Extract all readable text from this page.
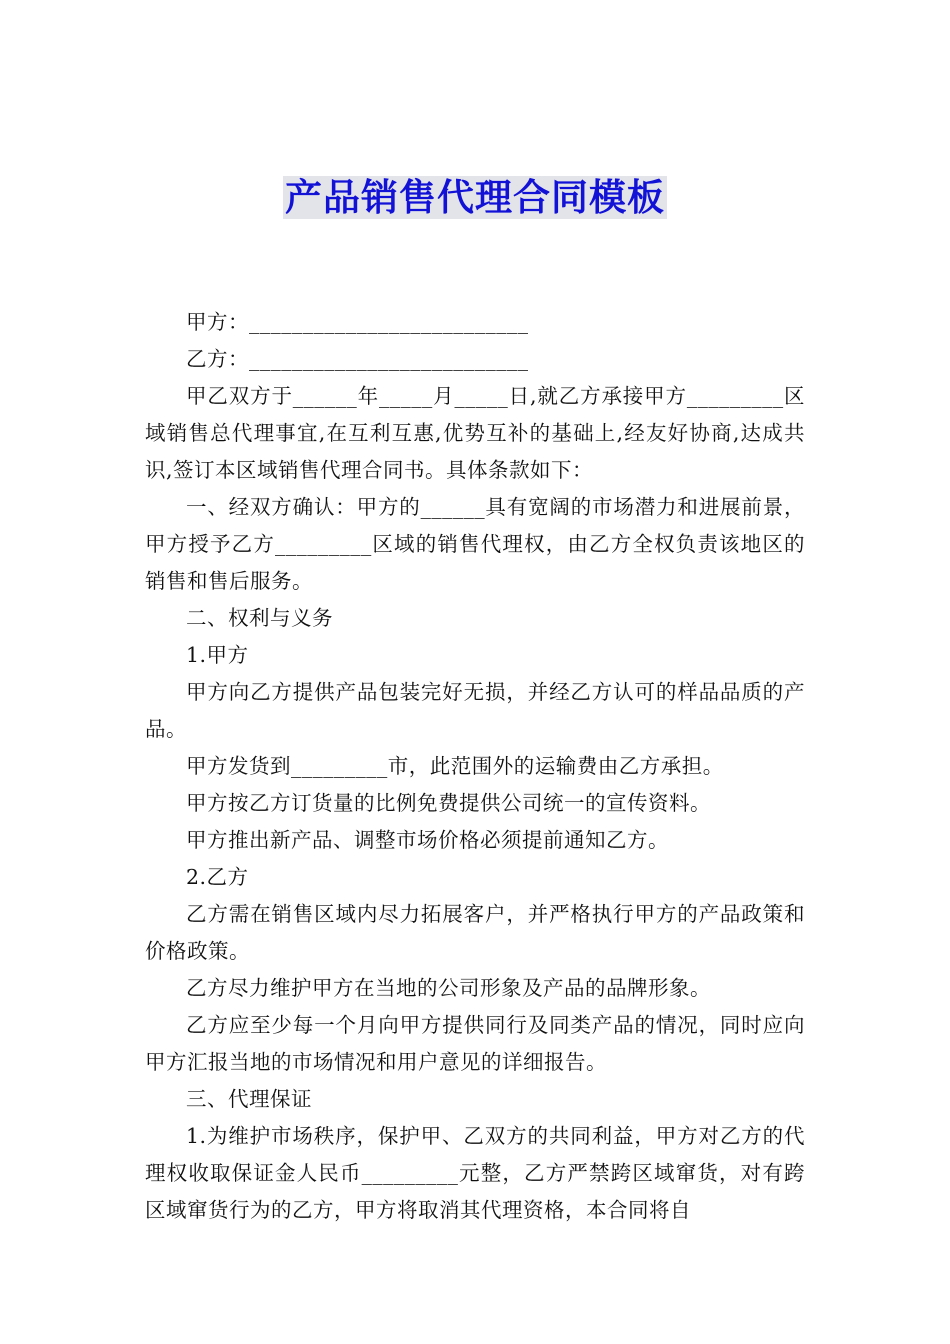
产品销售代理合同模板

甲方：__________________________

乙方：__________________________

甲乙双方于______年_____月_____日,就乙方承接甲方_________区域销售总代理事宜,在互利互惠,优势互补的基础上,经友好协商,达成共识,签订本区域销售代理合同书。具体条款如下：

一、经双方确认：甲方的______具有宽阔的市场潜力和进展前景，甲方授予乙方_________区域的销售代理权，由乙方全权负责该地区的销售和售后服务。

二、权利与义务

1.甲方

甲方向乙方提供产品包装完好无损，并经乙方认可的样品品质的产品。

甲方发货到_________市，此范围外的运输费由乙方承担。

甲方按乙方订货量的比例免费提供公司统一的宣传资料。

甲方推出新产品、调整市场价格必须提前通知乙方。

2.乙方

乙方需在销售区域内尽力拓展客户，并严格执行甲方的产品政策和价格政策。

乙方尽力维护甲方在当地的公司形象及产品的品牌形象。

乙方应至少每一个月向甲方提供同行及同类产品的情况，同时应向甲方汇报当地的市场情况和用户意见的详细报告。

三、代理保证

1.为维护市场秩序，保护甲、乙双方的共同利益，甲方对乙方的代理权收取保证金人民币_________元整，乙方严禁跨区域窜货，对有跨区域窜货行为的乙方，甲方将取消其代理资格，本合同将自
